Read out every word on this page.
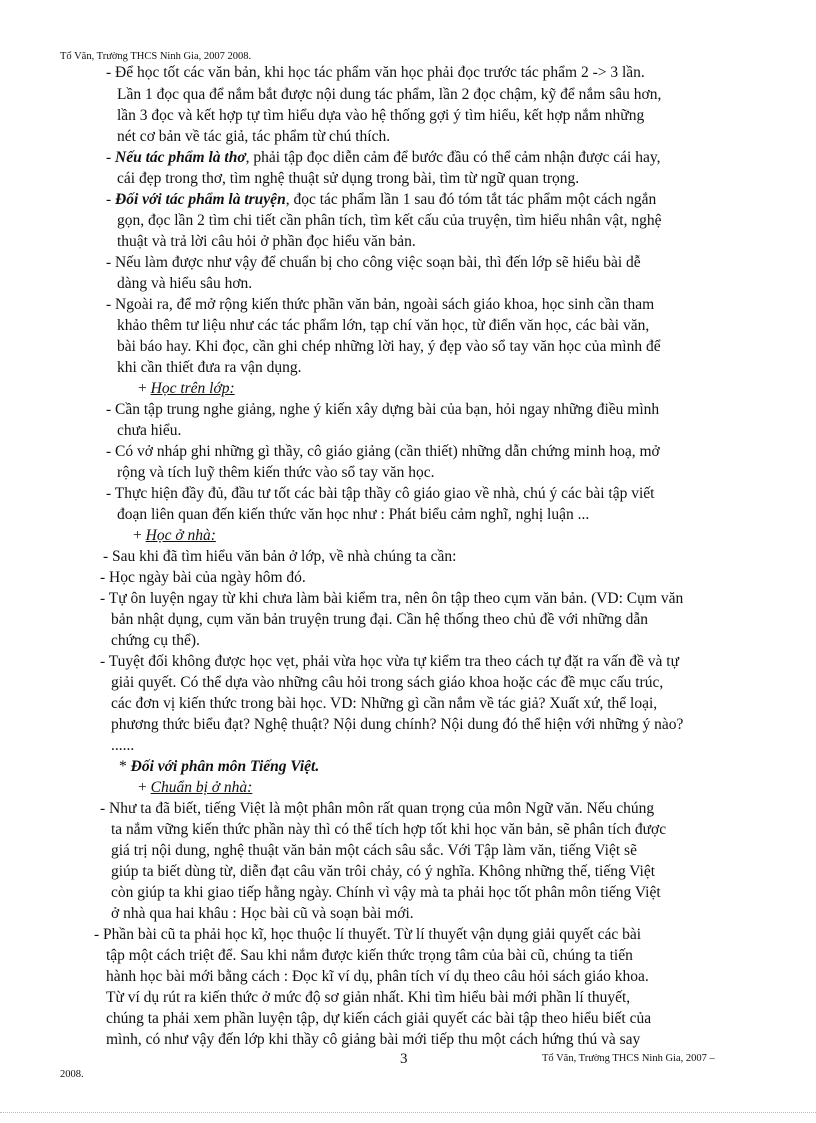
Tổ Văn, Trường THCS Ninh Gia, 2007 2008.
- Để học tốt các văn bản, khi học tác phẩm văn học phải đọc trước tác phẩm 2 -> 3 lần.
Lần 1 đọc qua để nắm bắt được nội dung tác phẩm, lần 2 đọc chậm, kỹ để nắm sâu hơn,
lần 3 đọc và kết hợp tự tìm hiểu dựa vào hệ thống gợi ý tìm hiểu, kết hợp nắm những
nét cơ bản về tác giả, tác phẩm từ chú thích.
- Nếu tác phẩm là thơ, phải tập đọc diễn cảm để bước đầu có thể cảm nhận được cái hay,
cái đẹp trong thơ, tìm nghệ thuật sử dụng trong bài, tìm từ ngữ quan trọng.
- Đối với tác phẩm là truyện, đọc tác phẩm lần 1 sau đó tóm tắt tác phẩm một cách ngắn
gọn, đọc lần 2 tìm chi tiết cần phân tích, tìm kết cấu của truyện, tìm hiểu nhân vật, nghệ
thuật và trả lời câu hỏi ở phần đọc hiểu văn bản.
- Nếu làm được như vậy để chuẩn bị cho công việc soạn bài, thì đến lớp sẽ hiểu bài dễ
dàng và hiểu sâu hơn.
- Ngoài ra, để mở rộng kiến thức phần văn bản, ngoài sách giáo khoa, học sinh cần tham
khảo thêm tư liệu như các tác phẩm lớn, tạp chí văn học, từ điển văn học, các bài văn,
bài báo hay. Khi đọc, cần ghi chép những lời hay, ý đẹp vào sổ tay văn học của mình để
khi cần thiết đưa ra vận dụng.
+ Học trên lớp:
- Cần tập trung nghe giảng, nghe ý kiến xây dựng bài của bạn, hỏi ngay những điều mình
chưa hiểu.
- Có vở nháp ghi những gì thầy, cô giáo giảng (cần thiết) những dẫn chứng minh hoạ, mở
rộng và tích luỹ thêm kiến thức vào sổ tay văn học.
- Thực hiện đầy đủ, đầu tư tốt các bài tập thầy cô giáo giao về nhà, chú ý các bài tập viết
đoạn liên quan đến kiến thức văn học như : Phát biểu cảm nghĩ, nghị luận ...
+ Học ở nhà:
- Sau khi đã tìm hiểu văn bản ở lớp, về nhà chúng ta cần:
- Học ngày bài của ngày hôm đó.
- Tự ôn luyện ngay từ khi chưa làm bài kiểm tra, nên ôn tập theo cụm văn bản. (VD: Cụm văn
bản nhật dụng, cụm văn bản truyện trung đại. Cần hệ thống theo chủ đề với những dẫn
chứng cụ thể).
- Tuyệt đối không được học vẹt, phải vừa học vừa tự kiểm tra theo cách tự đặt ra vấn đề và tự
giải quyết. Có thể dựa vào những câu hỏi trong sách giáo khoa hoặc các đề mục cấu trúc,
các đơn vị kiến thức trong bài học. VD: Những gì cần nắm về tác giả? Xuất xứ, thể loại,
phương thức biểu đạt? Nghệ thuật? Nội dung chính? Nội dung đó thể hiện với những ý nào?
......
* Đối với phân môn Tiếng Việt.
+ Chuẩn bị ở nhà:
- Như ta đã biết, tiếng Việt là một phân môn rất quan trọng của môn Ngữ văn. Nếu chúng
ta nắm vững kiến thức phần này thì có thể tích hợp tốt khi học văn bản, sẽ phân tích được
giá trị nội dung, nghệ thuật văn bản một cách sâu sắc. Với Tập làm văn, tiếng Việt sẽ
giúp ta biết dùng từ, diễn đạt câu văn trôi chảy, có ý nghĩa. Không những thế, tiếng Việt
còn giúp ta khi giao tiếp hằng ngày. Chính vì vậy mà ta phải học tốt phân môn tiếng Việt
ở nhà qua hai khâu : Học bài cũ và soạn bài mới.
- Phần bài cũ ta phải học kĩ, học thuộc lí thuyết. Từ lí thuyết vận dụng giải quyết các bài
tập một cách triệt để. Sau khi nắm được kiến thức trọng tâm của bài cũ, chúng ta tiến
hành học bài mới bằng cách : Đọc kĩ ví dụ, phân tích ví dụ theo câu hỏi sách giáo khoa.
Từ ví dụ rút ra kiến thức ở mức độ sơ giản nhất. Khi tìm hiểu bài mới phần lí thuyết,
chúng ta phải xem phần luyện tập, dự kiến cách giải quyết các bài tập theo hiểu biết của
mình, có như vậy đến lớp khi thầy cô giảng bài mới tiếp thu một cách hứng thú và say
3	Tổ Văn, Trường THCS Ninh Gia, 2007 –
2008.
